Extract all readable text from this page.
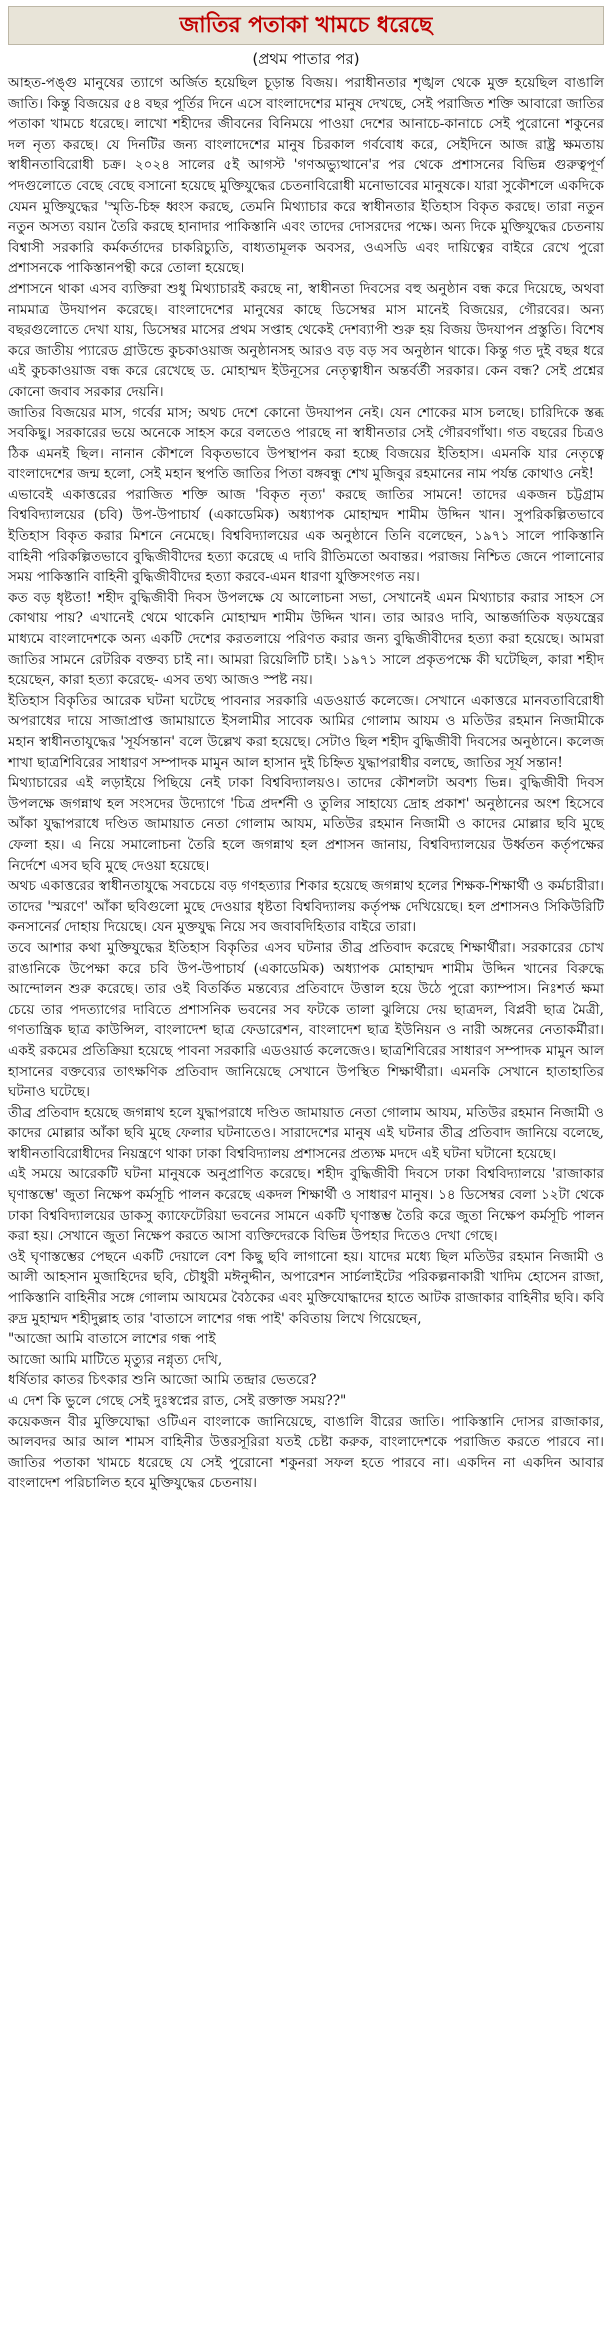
জাতির পতাকা খামচে ধরেছে
(প্রথম পাতার পর)

আহত-পঙ্গু মানুষের ত্যাগে অর্জিত হয়েছিল চূড়ান্ত বিজয়। পরাধীনতার শৃঙ্খল থেকে মুক্ত হয়েছিল বাঙালি জাতি। কিন্তু বিজয়ের ৫৪ বছর পূর্তির দিনে এসে বাংলাদেশের মানুষ দেখছে, সেই পরাজিত শক্তি আবারো জাতির পতাকা খামচে ধরেছে। লাখো শহীদের জীবনের বিনিময়ে পাওয়া দেশের আনাচে-কানাচে সেই পুরোনো শকুনের দল নৃত্য করছে। যে দিনটির জন্য বাংলাদেশের মানুষ চিরকাল গর্ববোধ করে, সেইদিনে আজ রাষ্ট্র ক্ষমতায় স্বাধীনতাবিরোধী চক্র। ২০২৪ সালের ৫ই আগস্ট 'গণঅভ্যুত্থানে'র পর থেকে প্রশাসনের বিভিন্ন গুরুত্বপূর্ণ পদগুলোতে বেছে বেছে বসানো হয়েছে মুক্তিযুদ্ধের চেতনাবিরোধী মনোভাবের মানুষকে। যারা সুকৌশলে একদিকে যেমন মুক্তিযুদ্ধের 'স্মৃতি-চিহ্ন ধ্বংস করছে, তেমনি মিথ্যাচার করে স্বাধীনতার ইতিহাস বিকৃত করছে। তারা নতুন নতুন অসত্য বয়ান তৈরি করছে হানাদার পাকিস্তানি এবং তাদের দোসরদের পক্ষে। অন্য দিকে মুক্তিযুদ্ধের চেতনায় বিশ্বাসী সরকারি কর্মকর্তাদের চাকরিচ্যুতি, বাধ্যতামূলক অবসর, ওএসডি এবং দায়িত্বের বাইরে রেখে পুরো প্রশাসনকে পাকিস্তানপন্থী করে তোলা হয়েছে।

প্রশাসনে থাকা এসব ব্যক্তিরা শুধু মিথ্যাচারই করছে না, স্বাধীনতা দিবসের বহু অনুষ্ঠান বন্ধ করে দিয়েছে, অথবা নামমাত্র উদযাপন করেছে। বাংলাদেশের মানুষের কাছে ডিসেম্বর মাস মানেই বিজয়ের, গৌরবের। অন্য বছরগুলোতে দেখা যায়, ডিসেম্বর মাসের প্রথম সপ্তাহ থেকেই দেশব্যাপী শুরু হয় বিজয় উদযাপন প্রস্তুতি। বিশেষ করে জাতীয় প্যারেড গ্রাউন্ডে কুচকাওয়াজ অনুষ্ঠানসহ আরও বড় বড় সব অনুষ্ঠান থাকে। কিন্তু গত দুই বছর ধরে এই কুচকাওয়াজ বন্ধ করে রেখেছে ড. মোহাম্মদ ইউনূসের নেতৃত্বাধীন অন্তর্বর্তী সরকার। কেন বন্ধ? সেই প্রশ্নের কোনো জবাব সরকার দেয়নি।

জাতির বিজয়ের মাস, গর্বের মাস; অথচ দেশে কোনো উদযাপন নেই। যেন শোকের মাস চলছে। চারিদিকে স্তব্ধ সবকিছু। সরকারের ভয়ে অনেকে সাহস করে বলতেও পারছে না স্বাধীনতার সেই গৌরবগাঁথা। গত বছরের চিত্রও ঠিক এমনই ছিল। নানান কৌশলে বিকৃতভাবে উপস্থাপন করা হচ্ছে বিজয়ের ইতিহাস। এমনকি যার নেতৃত্বে বাংলাদেশের জন্ম হলো, সেই মহান স্থপতি জাতির পিতা বঙ্গবন্ধু শেখ মুজিবুর রহমানের নাম পর্যন্ত কোথাও নেই!

এভাবেই একাত্তরের পরাজিত শক্তি আজ 'বিকৃত নৃত্য' করছে জাতির সামনে! তাদের একজন চট্টগ্রাম বিশ্ববিদ্যালয়ের (চবি) উপ-উপাচার্য (একাডেমিক) অধ্যাপক মোহাম্মদ শামীম উদ্দিন খান। সুপরিকল্পিতভাবে ইতিহাস বিকৃত করার মিশনে নেমেছে। বিশ্ববিদ্যালয়ের এক অনুষ্ঠানে তিনি বলেছেন, ১৯৭১ সালে পাকিস্তানি বাহিনী পরিকল্পিতভাবে বুদ্ধিজীবীদের হত্যা করেছে এ দাবি রীতিমতো অবান্তর। পরাজয় নিশ্চিত জেনে পালানোর সময় পাকিস্তানি বাহিনী বুদ্ধিজীবীদের হত্যা করবে-এমন ধারণা যুক্তিসংগত নয়।

কত বড় ধৃষ্টতা! শহীদ বুদ্ধিজীবী দিবস উপলক্ষে যে আলোচনা সভা, সেখানেই এমন মিথ্যাচার করার সাহস সে কোথায় পায়? এখানেই থেমে থাকেনি মোহাম্মদ শামীম উদ্দিন খান। তার আরও দাবি, আন্তর্জাতিক ষড়যন্ত্রের মাধ্যমে বাংলাদেশকে অন্য একটি দেশের করতলায়ে পরিণত করার জন্য বুদ্ধিজীবীদের হত্যা করা হয়েছে। আমরা জাতির সামনে রেটরিক বক্তব্য চাই না। আমরা রিয়েলিটি চাই। ১৯৭১ সালে প্রকৃতপক্ষে কী ঘটেছিল, কারা শহীদ হয়েছেন, কারা হত্যা করেছে- এসব তথ্য আজও স্পষ্ট নয়।

ইতিহাস বিকৃতির আরেক ঘটনা ঘটেছে পাবনার সরকারি এডওয়ার্ড কলেজে। সেখানে একাত্তরে মানবতাবিরোধী অপরাধের দায়ে সাজাপ্রাপ্ত জামায়াতে ইসলামীর সাবেক আমির গোলাম আযম ও মতিউর রহমান নিজামীকে মহান স্বাধীনতাযুদ্ধের 'সূর্যসন্তান' বলে উল্লেখ করা হয়েছে। সেটাও ছিল শহীদ বুদ্ধিজীবী দিবসের অনুষ্ঠানে। কলেজ শাখা ছাত্রশিবিরের সাধারণ সম্পাদক মামুন আল হাসান দুই চিহ্নিত যুদ্ধাপরাধীর বলছে, জাতির সূর্য সন্তান!

মিথ্যাচারের এই লড়াইয়ে পিছিয়ে নেই ঢাকা বিশ্ববিদ্যালয়ও। তাদের কৌশলটা অবশ্য ভিন্ন। বুদ্ধিজীবী দিবস উপলক্ষে জগন্নাথ হল সংসদের উদ্যোগে 'চিত্র প্রদর্শনী ও তুলির সাহায্যে দ্রোহ প্রকাশ' অনুষ্ঠানের অংশ হিসেবে আঁকা যুদ্ধাপরাধে দণ্ডিত জামায়াত নেতা গোলাম আযম, মতিউর রহমান নিজামী ও কাদের মোল্লার ছবি মুছে ফেলা হয়। এ নিয়ে সমালোচনা তৈরি হলে জগন্নাথ হল প্রশাসন জানায়, বিশ্ববিদ্যালয়ের উর্ধ্বতন কর্তৃপক্ষের নির্দেশে এসব ছবি মুছে দেওয়া হয়েছে।

অথচ একাত্তরের স্বাধীনতাযুদ্ধে সবচেয়ে বড় গণহত্যার শিকার হয়েছে জগন্নাথ হলের শিক্ষক-শিক্ষার্থী ও কর্মচারীরা। তাদের 'স্মরণে' আঁকা ছবিগুলো মুছে দেওয়ার ধৃষ্টতা বিশ্ববিদ্যালয় কর্তৃপক্ষ দেখিয়েছে। হল প্রশাসনও সিকিউরিটি কনসানের্র দোহায় দিয়েছে। যেন মুক্তযুদ্ধ নিয়ে সব জবাবদিহিতার বাইরে তারা।

তবে আশার কথা মুক্তিযুদ্ধের ইতিহাস বিকৃতির এসব ঘটনার তীব্র প্রতিবাদ করেছে শিক্ষার্থীরা। সরকারের চোখ রাঙানিকে উপেক্ষা করে চবি উপ-উপাচার্য (একাডেমিক) অধ্যাপক মোহাম্মদ শামীম উদ্দিন খানের বিরুদ্ধে আন্দোলন শুরু করেছে। তার ওই বিতর্কিত মন্তব্যের প্রতিবাদে উত্তাল হয়ে উঠে পুরো ক্যাম্পাস। নিঃশর্ত ক্ষমা চেয়ে তার পদত্যাগের দাবিতে প্রশাসনিক ভবনের সব ফটকে তালা ঝুলিয়ে দেয় ছাত্রদল, বিপ্লবী ছাত্র মৈত্রী, গণতান্ত্রিক ছাত্র কাউন্সিল, বাংলাদেশ ছাত্র ফেডারেশন, বাংলাদেশ ছাত্র ইউনিয়ন ও নারী অঙ্গনের নেতাকর্মীরা। একই রকমের প্রতিক্রিয়া হয়েছে পাবনা সরকারি এডওয়ার্ড কলেজেও। ছাত্রশিবিরের সাধারণ সম্পাদক মামুন আল হাসানের বক্তব্যের তাৎক্ষণিক প্রতিবাদ জানিয়েছে সেখানে উপস্থিত শিক্ষার্থীরা। এমনকি সেখানে হাতাহাতির ঘটনাও ঘটেছে।

তীব্র প্রতিবাদ হয়েছে জগন্নাথ হলে যুদ্ধাপরাধে দণ্ডিত জামায়াত নেতা গোলাম আযম, মতিউর রহমান নিজামী ও কাদের মোল্লার আঁকা ছবি মুছে ফেলার ঘটনাতেও। সারাদেশের মানুষ এই ঘটনার তীব্র প্রতিবাদ জানিয়ে বলেছে, স্বাধীনতাবিরোধীদের নিয়ন্ত্রণে থাকা ঢাকা বিশ্ববিদ্যালয় প্রশাসনের প্রত্যক্ষ মদদে এই ঘটনা ঘটানো হয়েছে।

এই সময়ে আরেকটি ঘটনা মানুষকে অনুপ্রাণিত করেছে। শহীদ বুদ্ধিজীবী দিবসে ঢাকা বিশ্ববিদ্যালয়ে 'রাজাকার ঘৃণাস্তম্ভে' জুতা নিক্ষেপ কর্মসূচি পালন করেছে একদল শিক্ষার্থী ও সাধারণ মানুষ। ১৪ ডিসেম্বর বেলা ১২টা থেকে ঢাকা বিশ্ববিদ্যালয়ের ডাকসু ক্যাফেটেরিয়া ভবনের সামনে একটি ঘৃণাস্তম্ভ তৈরি করে জুতা নিক্ষেপ কর্মসূচি পালন করা হয়। সেখানে জুতা নিক্ষেপ করতে আসা ব্যক্তিদেরকে বিভিন্ন উপহার দিতেও দেখা গেছে।

ওই ঘৃণাস্তম্ভের পেছনে একটি দেয়ালে বেশ কিছু ছবি লাগানো হয়। যাদের মধ্যে ছিল মতিউর রহমান নিজামী ও আলী আহসান মুজাহিদের ছবি, চৌধুরী মঈনুদ্দীন, অপারেশন সার্চলাইটের পরিকল্পনাকারী খাদিম হোসেন রাজা, পাকিস্তানি বাহিনীর সঙ্গে গোলাম আযমের বৈঠকের এবং মুক্তিযোদ্ধাদের হাতে আটক রাজাকার বাহিনীর ছবি। কবি রুদ্র মুহাম্মদ শহীদুল্লাহ তার 'বাতাসে লাশের গন্ধ পাই' কবিতায় লিখে গিয়েছেন,

"আজো আমি বাতাসে লাশের গন্ধ পাই
আজো আমি মাটিতে মৃত্যুর নগ্নৃত্য দেখি,
ধর্ষিতার কাতর চিৎকার শুনি আজো আমি তন্দ্রার ভেতরে?
এ দেশ কি ভুলে গেছে সেই দুঃস্বপ্নের রাত, সেই রক্তাক্ত সময়??"

কয়েকজন বীর মুক্তিযোদ্ধা ওটিএন বাংলাকে জানিয়েছে, বাঙালি বীরের জাতি। পাকিস্তানি দোসর রাজাকার, আলবদর আর আল শামস বাহিনীর উত্তরসূরিরা যতই চেষ্টা করুক, বাংলাদেশকে পরাজিত করতে পারবে না। জাতির পতাকা খামচে ধরেছে যে সেই পুরোনো শকুনরা সফল হতে পারবে না। একদিন না একদিন আবার বাংলাদেশ পরিচালিত হবে মুক্তিযুদ্ধের চেতনায়।
